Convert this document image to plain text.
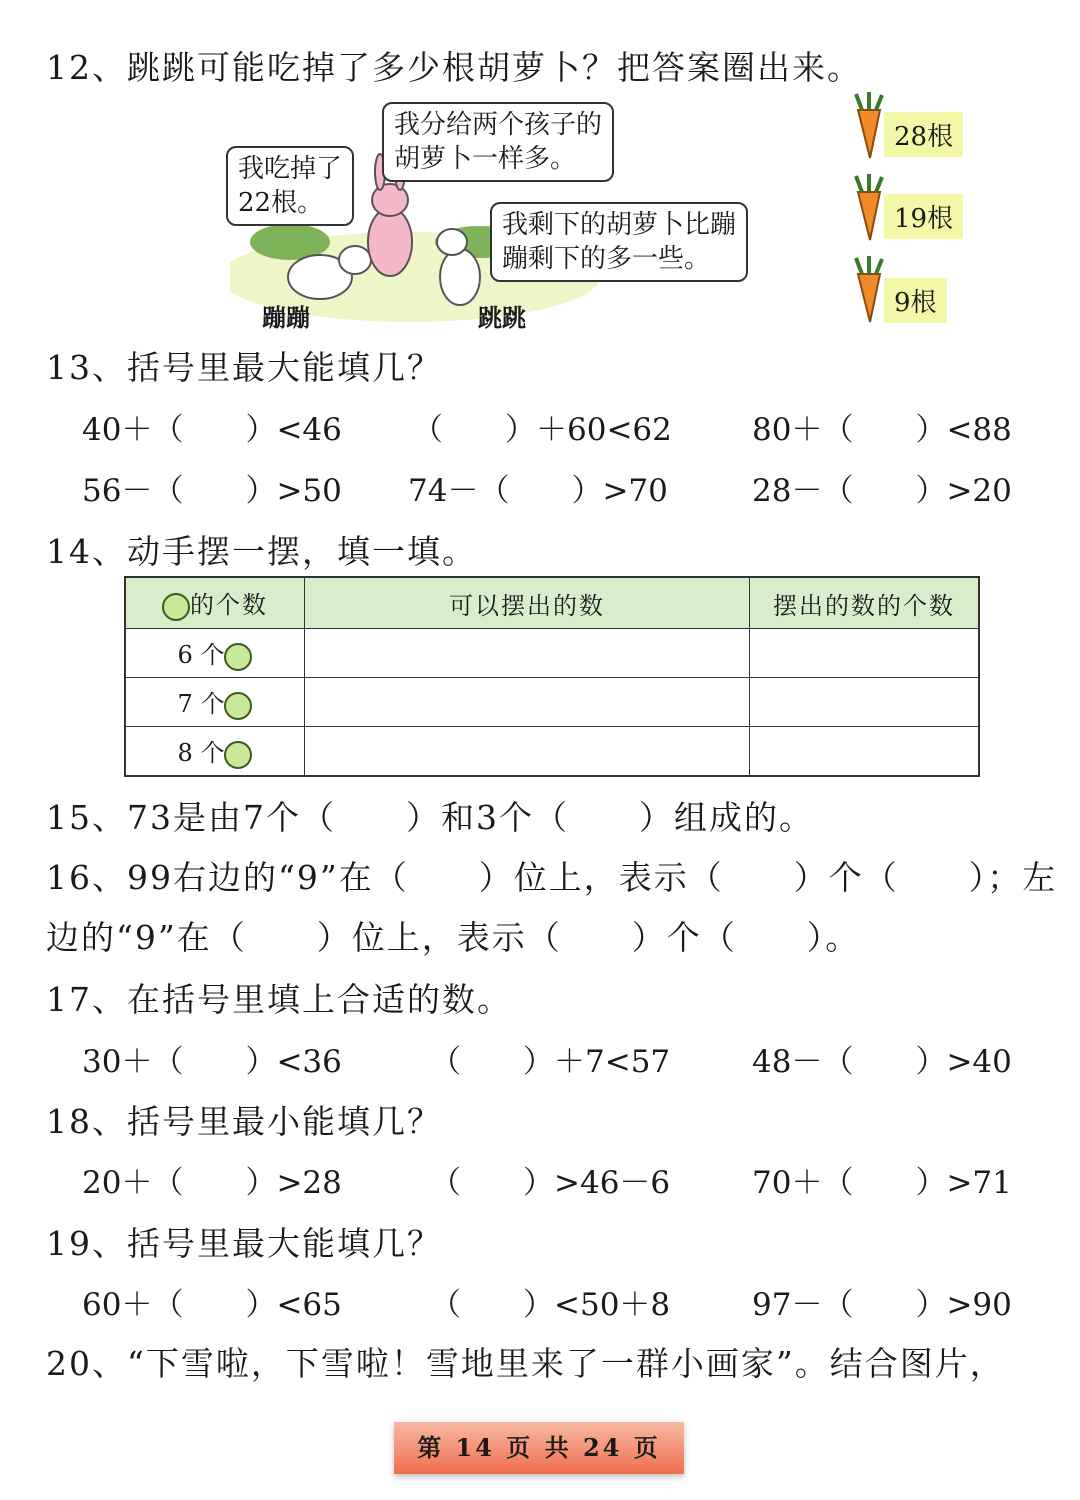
12、跳跳可能吃掉了多少根胡萝卜？把答案圈出来。
我吃掉了
22根。
我分给两个孩子的
胡萝卜一样多。
我剩下的胡萝卜比蹦
蹦剩下的多一些。
蹦蹦	跳跳
28根
19根
9根
13、括号里最大能填几？
40＋（　　）<46 （　　）＋60<62	80＋（　　）<88
56－（　　）>50 74－（　　）>70	28－（　　）>20
14、动手摆一摆，填一填。
的个数	可以摆出的数	摆出的数的个数
6 个		
7 个		
8 个		
15、73是由7个（　　）和3个（　　）组成的。
16、99右边的“9”在（　　）位上，表示（　　）个（　　）；左
边的“9”在（　　）位上，表示（　　）个（　　）。
17、在括号里填上合适的数。
30＋（　　）<36	（　　）＋7<57	48－（　　）>40
18、括号里最小能填几？
20＋（　　）>28	（　　）>46－6	70＋（　　）>71
19、括号里最大能填几？
60＋（　　）<65	（　　）<50＋8	97－（　　）>90
20、“下雪啦，下雪啦！雪地里来了一群小画家”。结合图片，
第 14 页 共 24 页
